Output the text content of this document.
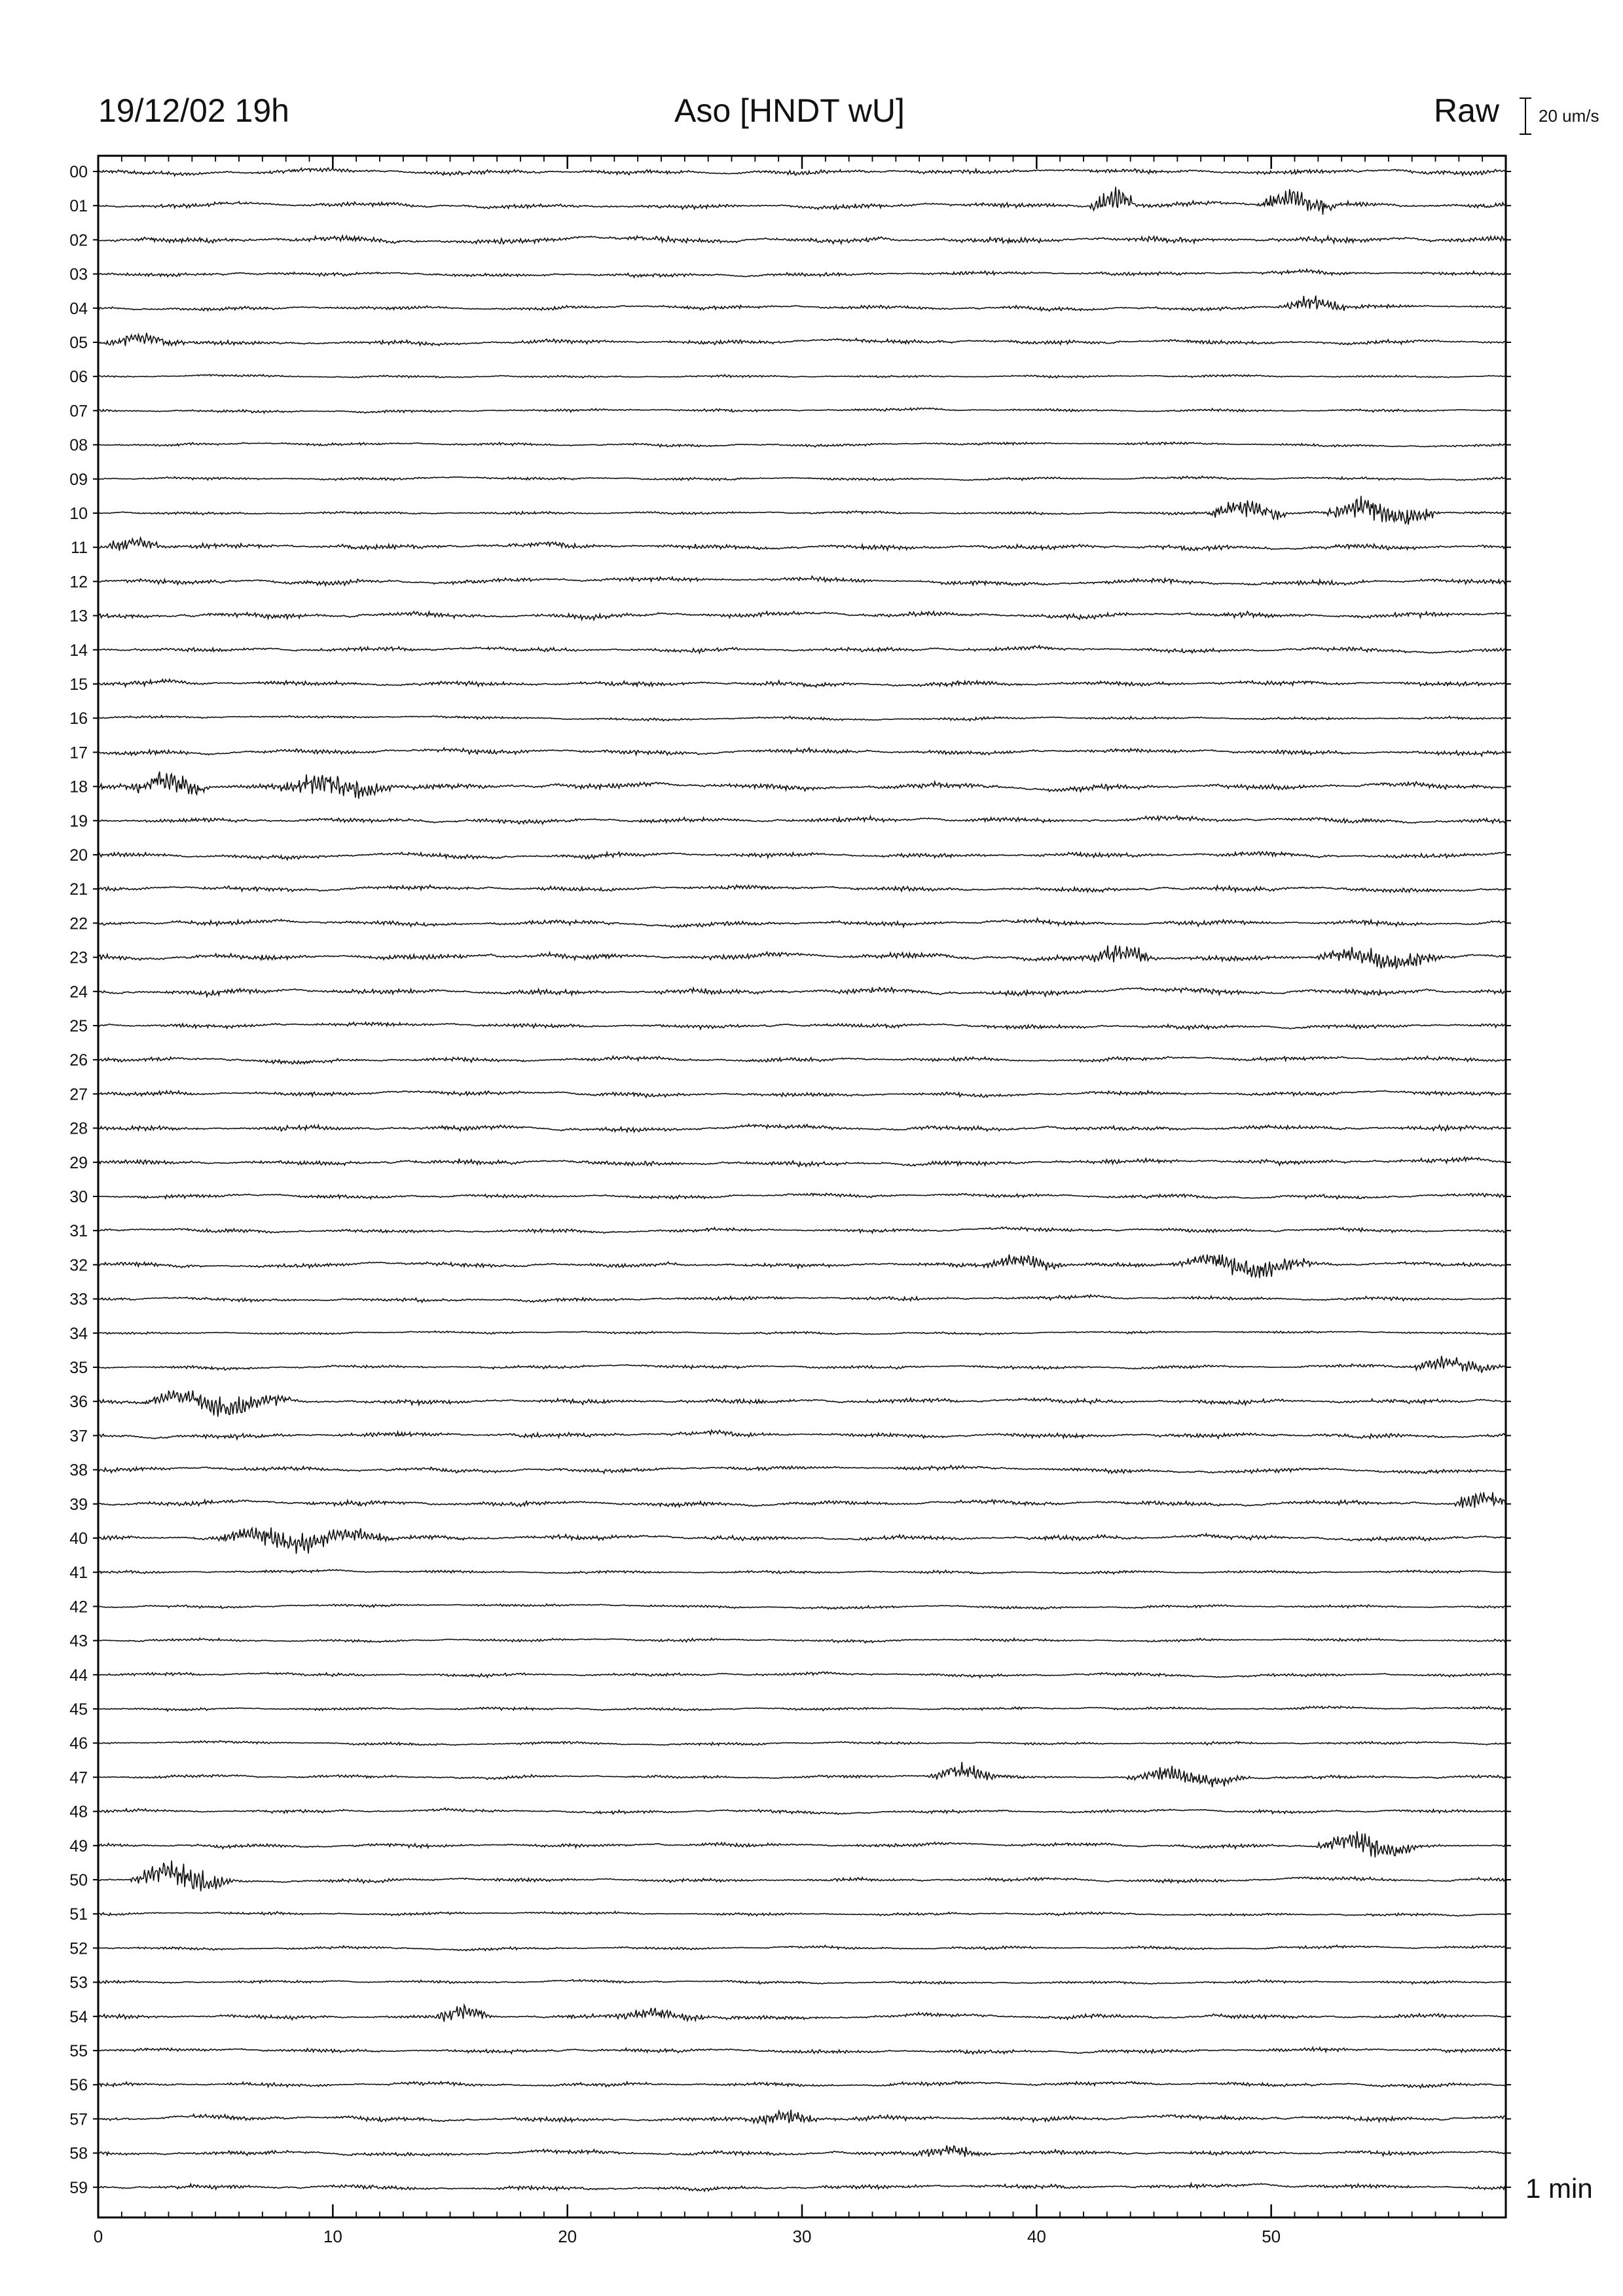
00
01
02
03
04
05
06
07
08
09
10
11
12
13
14
15
16
17
18
19
20
21
22
23
24
25
26
27
28
29
30
31
32
33
34
35
36
37
38
39
40
41
42
43
44
45
46
47
48
49
50
51
52
53
54
55
56
57
58
59
0	10	20	30	40	50
19/12/02 19h	Aso [HNDT wU]	Raw 20 um/s
1 min
